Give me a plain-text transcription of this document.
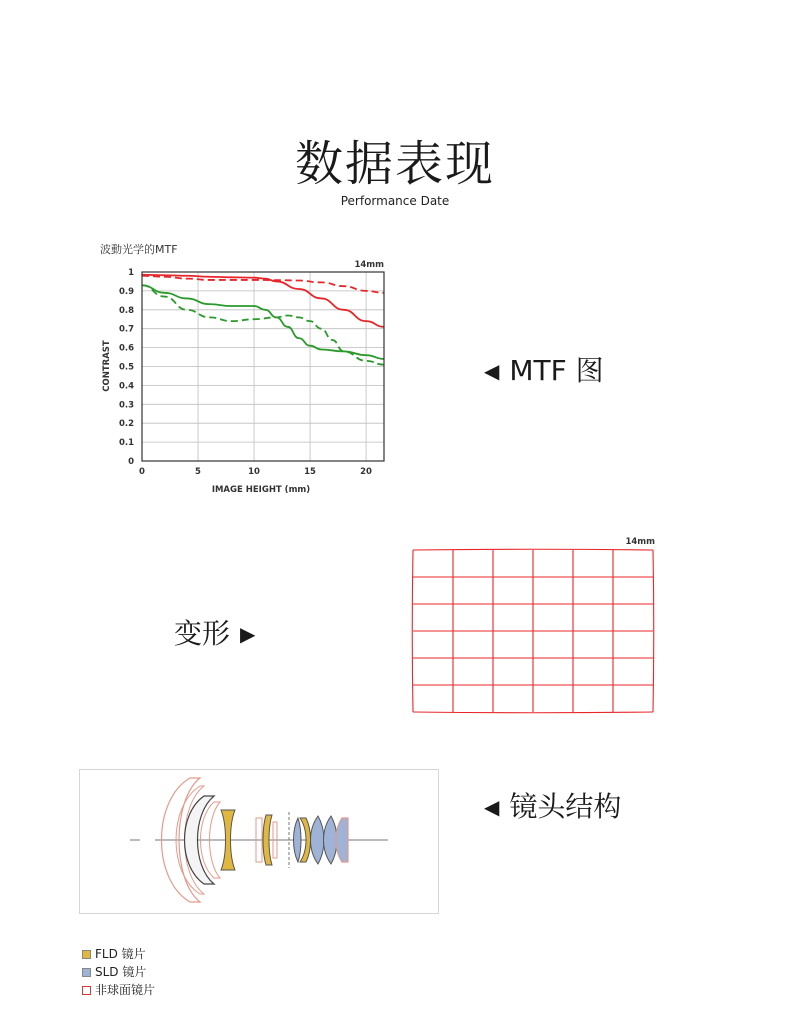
数据表现
Performance Date
0
0.1
0.2
0.3
0.4
0.5
0.6
0.7
0.8
0.9
1
0	5	10	15	20
波動光学的MTF
14mm
IMAGE HEIGHT (mm)
CONTRAST	◀ MTF 图
变形 ▶
14mm
◀ 镜头结构
FLD 镜片
SLD 镜片
非球面镜片
